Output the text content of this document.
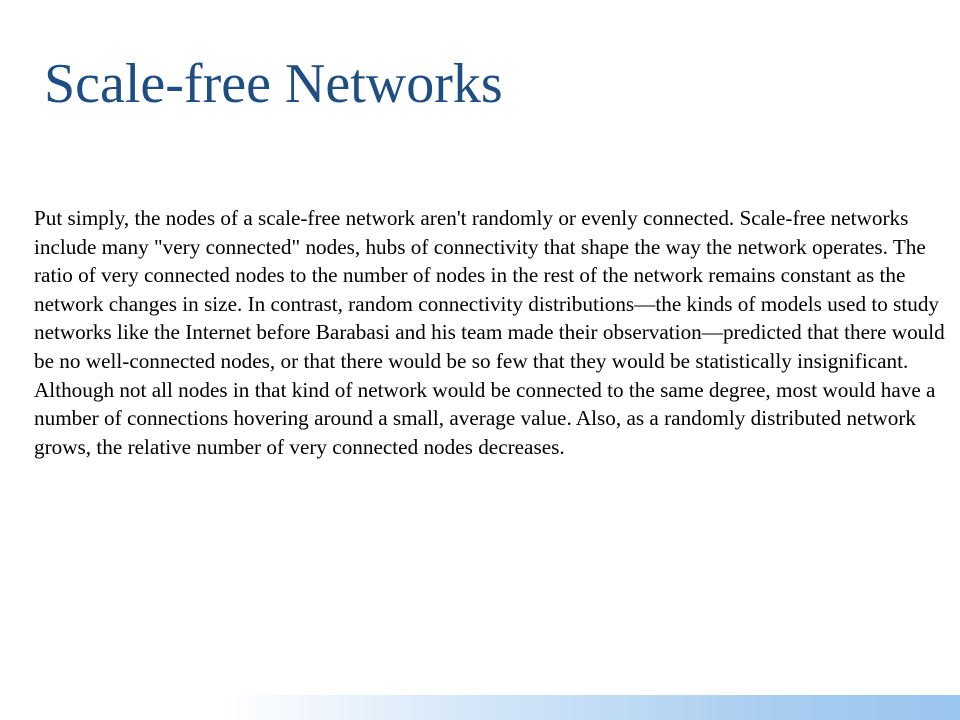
Scale-free Networks

Put simply, the nodes of a scale-free network aren't randomly or evenly connected. Scale-free networks include many "very connected" nodes, hubs of connectivity that shape the way the network operates. The ratio of very connected nodes to the number of nodes in the rest of the network remains constant as the network changes in size. In contrast, random connectivity distributions—the kinds of models used to study networks like the Internet before Barabasi and his team made their observation—predicted that there would be no well-connected nodes, or that there would be so few that they would be statistically insignificant. Although not all nodes in that kind of network would be connected to the same degree, most would have a number of connections hovering around a small, average value. Also, as a randomly distributed network grows, the relative number of very connected nodes decreases.
